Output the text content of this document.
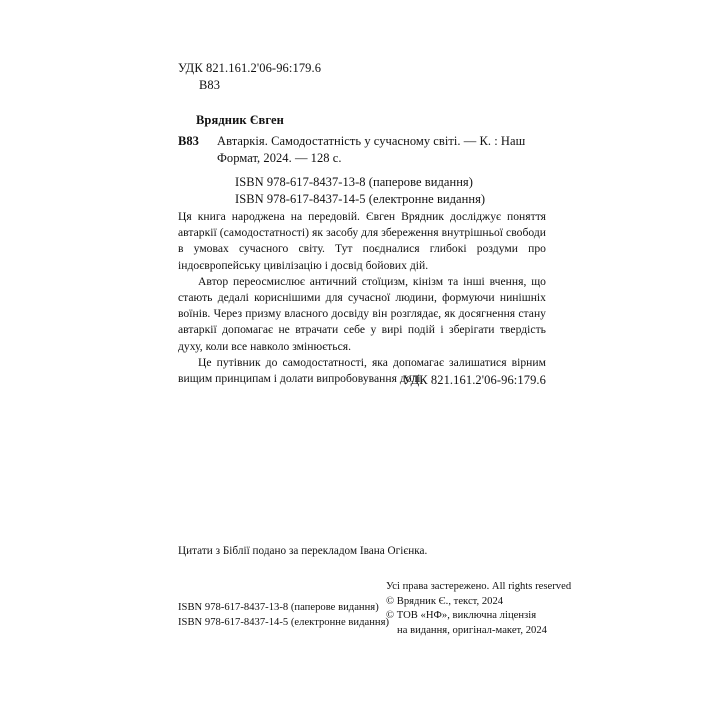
УДК 821.161.2'06-96:179.6
В83
Врядник Євген
В83 Автаркія. Самодостатність у сучасному світі. — К. : Наш Формат, 2024. — 128 с.
ISBN 978-617-8437-13-8 (паперове видання)
ISBN 978-617-8437-14-5 (електронне видання)

Ця книга народжена на передовій. Євген Врядник досліджує поняття автаркії (самодостатності) як засобу для збереження внутрішньої свободи в умовах сучасного світу. Тут поєдналися глибокі роздуми про індоєвропейську цивілізацію і досвід бойових дій.

Автор переосмислює античний стоїцизм, кінізм та інші вчення, що стають дедалі кориснішими для сучасної людини, формуючи нинішніх воїнів. Через призму власного досвіду він розглядає, як досягнення стану автаркії допомагає не втрачати себе у вирі подій і зберігати твердість духу, коли все навколо змінюється.

Це путівник до самодостатності, яка допомагає залишатися вірним вищим принципам і долати випробовування долі.

УДК 821.161.2'06-96:179.6
Цитати з Біблії подано за перекладом Івана Огієнка.
ISBN 978-617-8437-13-8 (паперове видання)
ISBN 978-617-8437-14-5 (електронне видання)
Усі права застережено. All rights reserved
© Врядник Є., текст, 2024
© ТОВ «НФ», виключна ліцензія
на видання, оригінал-макет, 2024
